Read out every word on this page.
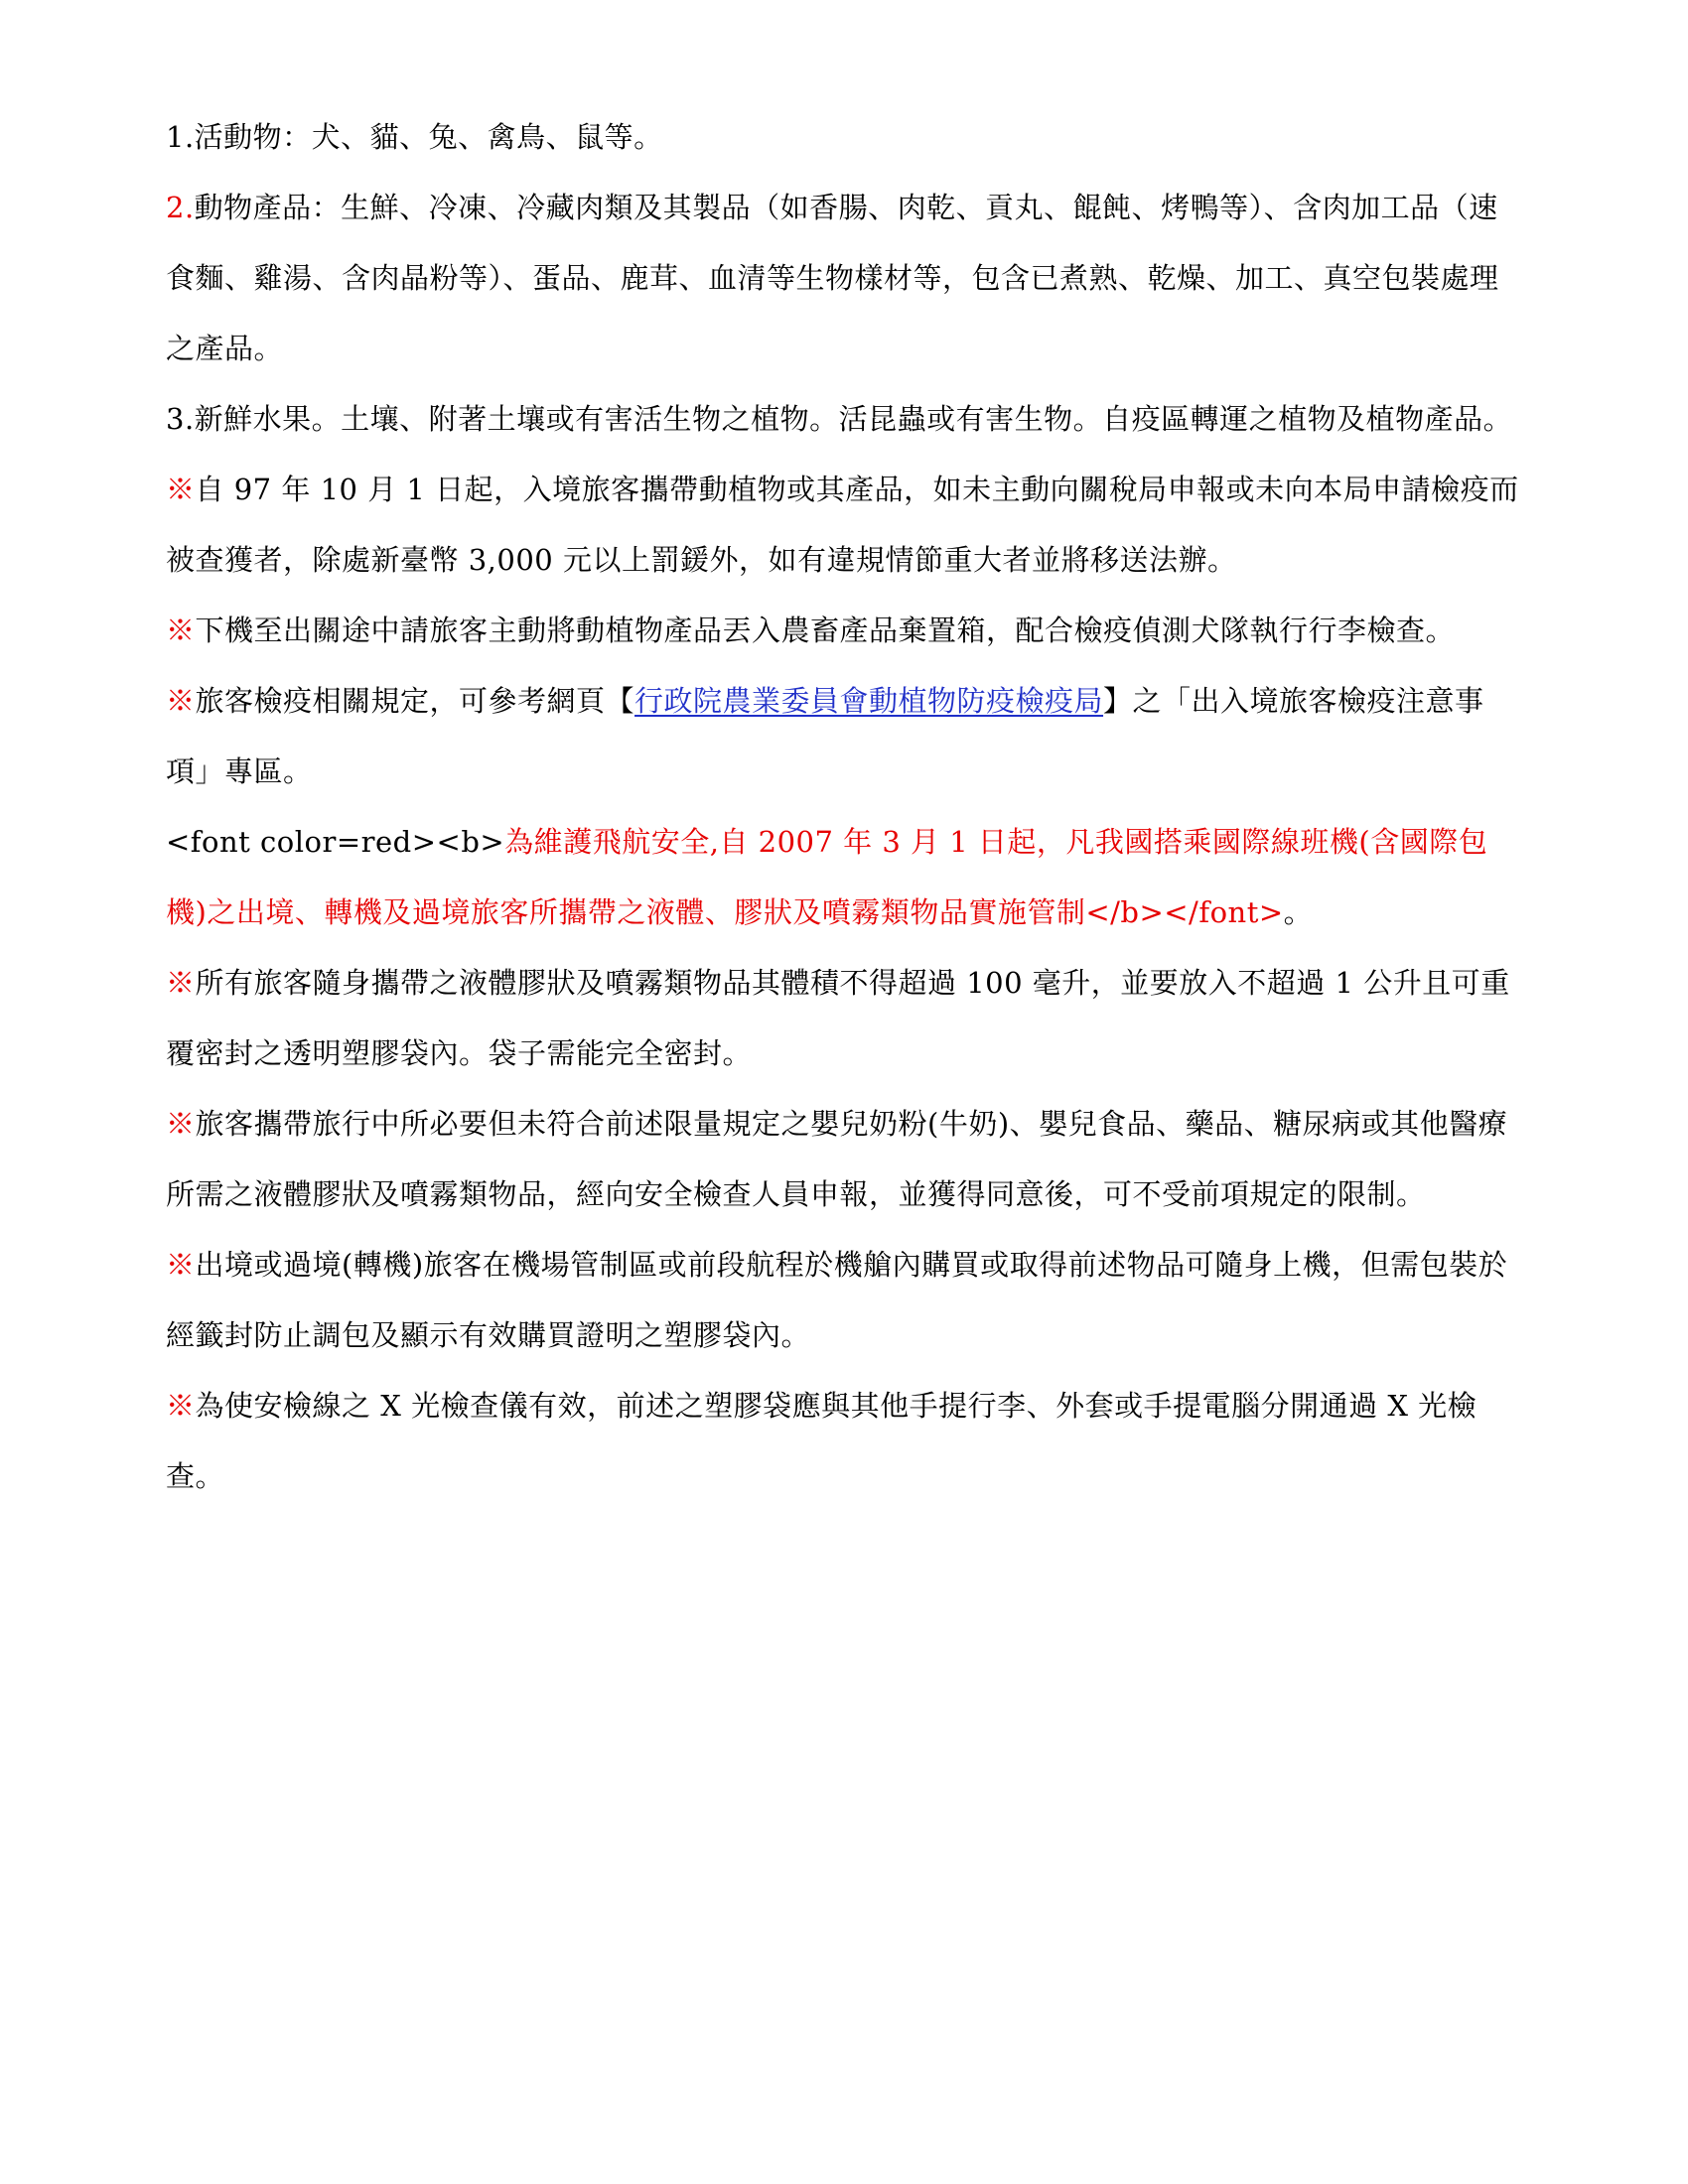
1.活動物：犬、貓、兔、禽鳥、鼠等。

2.動物產品：生鮮、冷凍、冷藏肉類及其製品（如香腸、肉乾、貢丸、餛飩、烤鴨等）、含肉加工品（速食麵、雞湯、含肉晶粉等）、蛋品、鹿茸、血清等生物樣材等，包含已煮熟、乾燥、加工、真空包裝處理之產品。

3.新鮮水果。土壤、附著土壤或有害活生物之植物。活昆蟲或有害生物。自疫區轉運之植物及植物產品。

※自 97 年 10 月 1 日起，入境旅客攜帶動植物或其產品，如未主動向關稅局申報或未向本局申請檢疫而被查獲者，除處新臺幣 3,000 元以上罰鍰外，如有違規情節重大者並將移送法辦。

※下機至出關途中請旅客主動將動植物產品丟入農畜產品棄置箱，配合檢疫偵測犬隊執行行李檢查。

※旅客檢疫相關規定，可參考網頁【行政院農業委員會動植物防疫檢疫局】之「出入境旅客檢疫注意事項」專區。

<font color=red><b>為維護飛航安全,自 2007 年 3 月 1 日起，凡我國搭乘國際線班機(含國際包機)之出境、轉機及過境旅客所攜帶之液體、膠狀及噴霧類物品實施管制</b></font>。

※所有旅客隨身攜帶之液體膠狀及噴霧類物品其體積不得超過 100 毫升，並要放入不超過 1 公升且可重覆密封之透明塑膠袋內。袋子需能完全密封。

※旅客攜帶旅行中所必要但未符合前述限量規定之嬰兒奶粉(牛奶)、嬰兒食品、藥品、糖尿病或其他醫療所需之液體膠狀及噴霧類物品，經向安全檢查人員申報，並獲得同意後，可不受前項規定的限制。

※出境或過境(轉機)旅客在機場管制區或前段航程於機艙內購買或取得前述物品可隨身上機，但需包裝於經籤封防止調包及顯示有效購買證明之塑膠袋內。

※為使安檢線之 X 光檢查儀有效，前述之塑膠袋應與其他手提行李、外套或手提電腦分開通過 X 光檢查。
